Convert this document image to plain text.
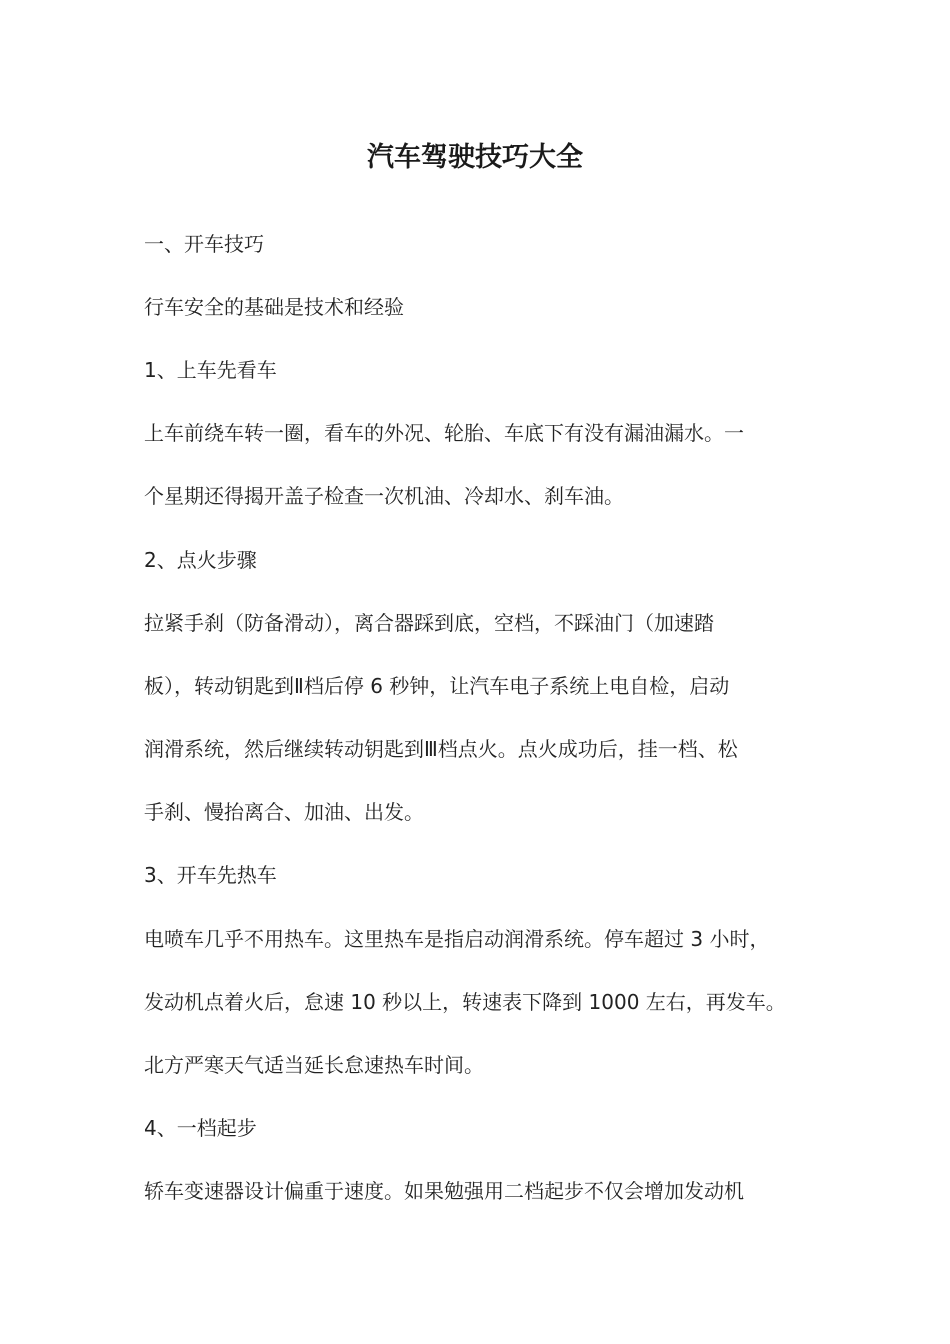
汽车驾驶技巧大全
一、开车技巧
行车安全的基础是技术和经验
1、上车先看车
上车前绕车转一圈，看车的外况、轮胎、车底下有没有漏油漏水。一
个星期还得揭开盖子检查一次机油、冷却水、刹车油。
2、点火步骤
拉紧手刹（防备滑动），离合器踩到底，空档，不踩油门（加速踏
板），转动钥匙到Ⅱ档后停 6 秒钟，让汽车电子系统上电自检，启动
润滑系统，然后继续转动钥匙到Ⅲ档点火。点火成功后，挂一档、松
手刹、慢抬离合、加油、出发。
3、开车先热车
电喷车几乎不用热车。这里热车是指启动润滑系统。停车超过 3 小时，
发动机点着火后，怠速 10 秒以上，转速表下降到 1000 左右，再发车。
北方严寒天气适当延长怠速热车时间。
4、一档起步
轿车变速器设计偏重于速度。如果勉强用二档起步不仅会增加发动机
